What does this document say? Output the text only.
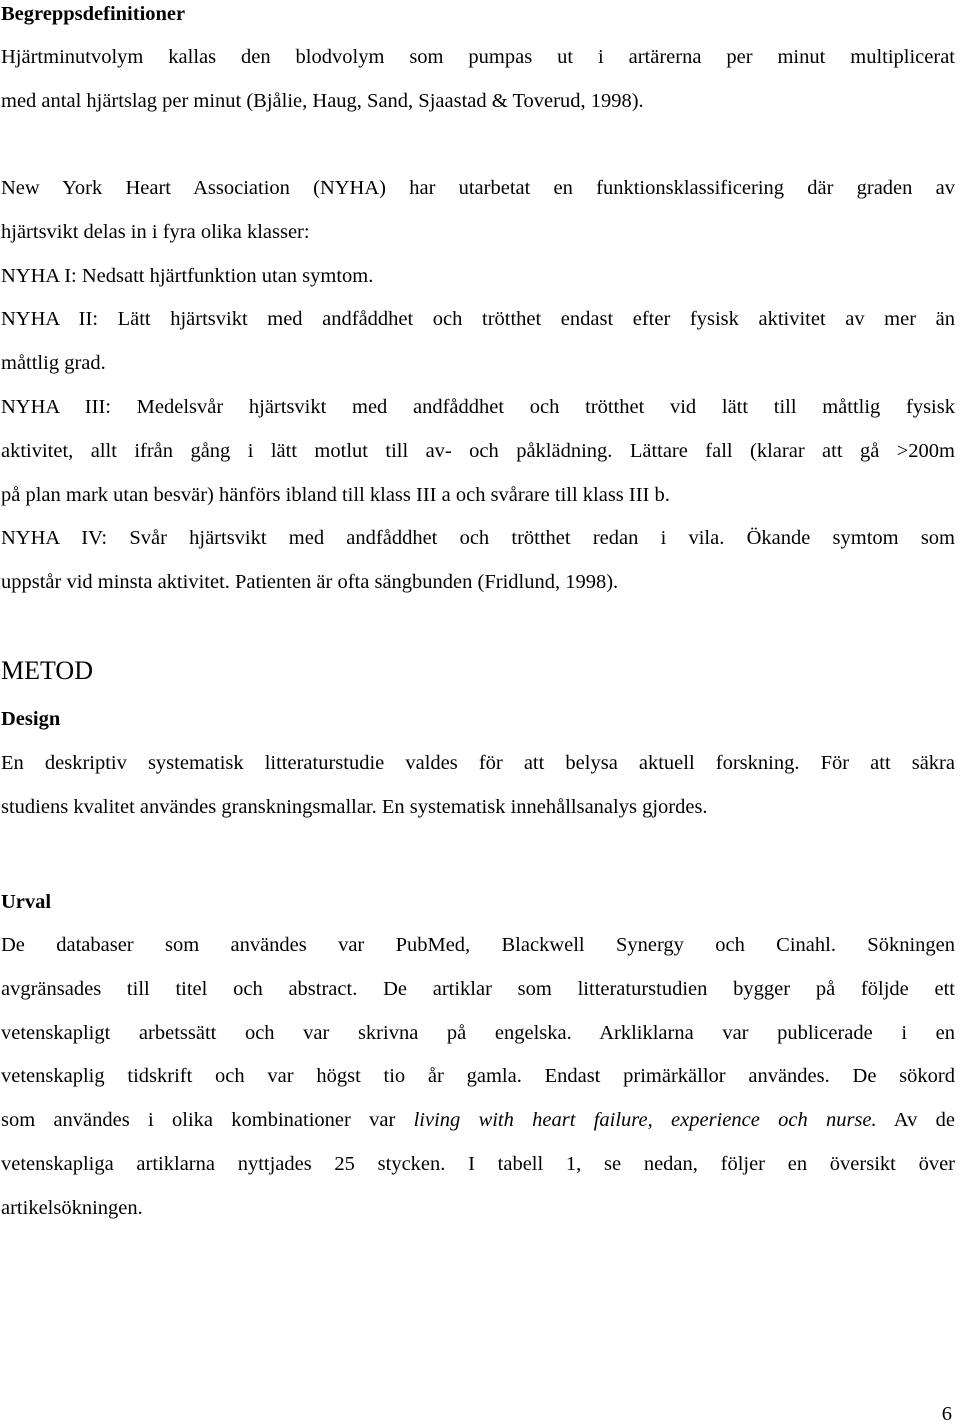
Begreppsdefinitioner
Hjärtminutvolym kallas den blodvolym som pumpas ut i artärerna per minut multiplicerat
med antal hjärtslag per minut (Bjålie, Haug, Sand, Sjaastad & Toverud, 1998).
New York Heart Association (NYHA) har utarbetat en funktionsklassificering där graden av
hjärtsvikt delas in i fyra olika klasser:
NYHA I: Nedsatt hjärtfunktion utan symtom.
NYHA II: Lätt hjärtsvikt med andfåddhet och trötthet endast efter fysisk aktivitet av mer än
måttlig grad.
NYHA III: Medelsvår hjärtsvikt med andfåddhet och trötthet vid lätt till måttlig fysisk
aktivitet, allt ifrån gång i lätt motlut till av- och påklädning. Lättare fall (klarar att gå >200m
på plan mark utan besvär) hänförs ibland till klass III a och svårare till klass III b.
NYHA IV: Svår hjärtsvikt med andfåddhet och trötthet redan i vila. Ökande symtom som
uppstår vid minsta aktivitet. Patienten är ofta sängbunden (Fridlund, 1998).
METOD
Design
En deskriptiv systematisk litteraturstudie valdes för att belysa aktuell forskning. För att säkra
studiens kvalitet användes granskningsmallar. En systematisk innehållsanalys gjordes.
Urval
De databaser som användes var PubMed, Blackwell Synergy och Cinahl. Sökningen
avgränsades till titel och abstract. De artiklar som litteraturstudien bygger på följde ett
vetenskapligt arbetssätt och var skrivna på engelska. Arkliklarna var publicerade i en
vetenskaplig tidskrift och var högst tio år gamla. Endast primärkällor användes. De sökord
som användes i olika kombinationer var living with heart failure, experience och nurse. Av de
vetenskapliga artiklarna nyttjades 25 stycken. I tabell 1, se nedan, följer en översikt över
artikelsökningen.
6
